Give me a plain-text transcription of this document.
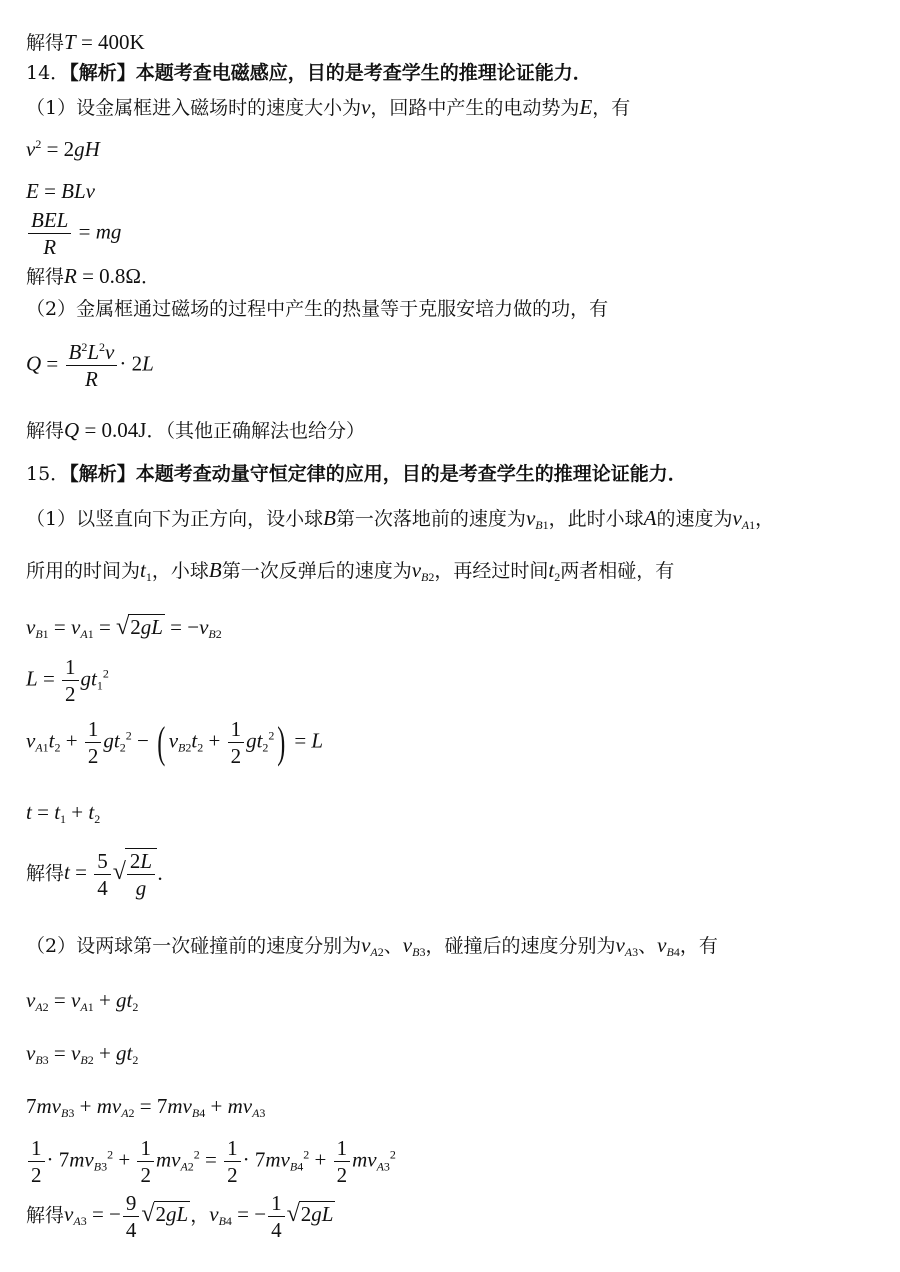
解得T = 400K
14．【解析】本题考查电磁感应，目的是考查学生的推理论证能力．
（1）设金属框进入磁场时的速度大小为v，回路中产生的电动势为E，有
$v^2 = 2gH$
E = BLv
$\frac{\text{BEL}}{R}$ = mg
解得R = 0.8Ω．
（2）金属框通过磁场的过程中产生的热量等于克服安培力做的功，有
$Q = \frac{B^2L^2v}{R} \cdot 2L$
解得Q = 0.04J．（其他正确解法也给分）
15．【解析】本题考查动量守恒定律的应用，目的是考查学生的推理论证能力．
（1）以竖直向下为正方向，设小球B第一次落地前的速度为$v_{B1}$，此时小球A的速度为$v_{A1}$，
所用的时间为$t_1$，小球B第一次反弹后的速度为$v_{B2}$，再经过时间$t_2$两者相碰，有
$v_{B1} = v_{A1} = √2gL = -v_{B2}$
$L = \frac{1}{2} gt_1^2$
$v_{A1}t_2 + \frac{1}{2} gt_2^2$ − ( $v_{B2}t_2 + \frac{1}{2} gt_2^2) = L$
$t = t_1 + t_2$
解得$t = \frac{5}{4}$ √ $\frac{2L}{g}$ ．
（2）设两球第一次碰撞前的速度分别为$v_{A2}$、$v_{B3}$，碰撞后的速度分别为$v_{A3}$、$v_{B4}$，有
$v_{A2} = v_{A1} + gt_2$
$v_{B3} = v_{B2} + gt_2$
$7mv_{B3} + mv_{A2} = 7mv_{B4} + mv_{A3}$
$\frac{1}{2} \cdot 7mv_{B3}^2 + \frac{1}{2} mv_{A2}^2 = \frac{1}{2} \cdot 7mv_{B4}^2 + \frac{1}{2} mv_{A3}^2$
解得$v_{A3}$ = − $\frac{9}{4} √2gL$ ，$v_{B4}$ = − $\frac{1}{4} √2gL$
